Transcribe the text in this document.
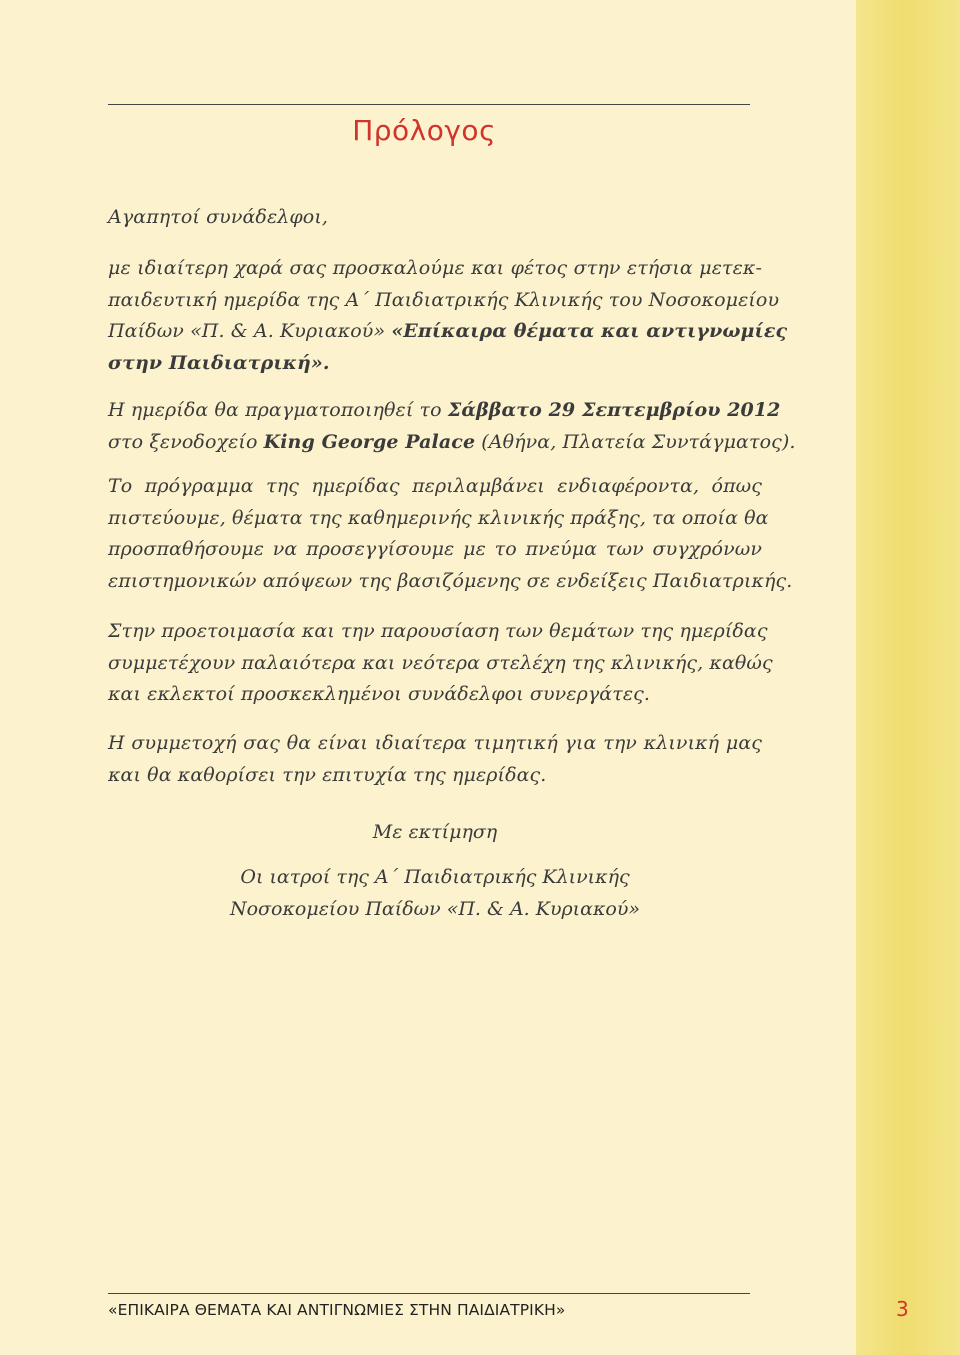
Πρόλογος
Αγαπητοί συνάδελφοι,
με ιδιαίτερη χαρά σας προσκαλούμε και φέτος στην ετήσια μετεκ-
παιδευτική ημερίδα της Α΄ Παιδιατρικής Κλινικής του Νοσοκομείου
Παίδων «Π. & Α. Κυριακού» «Επίκαιρα θέματα και αντιγνωμίες
στην Παιδιατρική».
Η ημερίδα θα πραγματοποιηθεί το Σάββατο 29 Σεπτεμβρίου 2012
στο ξενοδοχείο King George Palace (Αθήνα, Πλατεία Συντάγματος).
Το πρόγραμμα της ημερίδας περιλαμβάνει ενδιαφέροντα, όπως
πιστεύουμε, θέματα της καθημερινής κλινικής πράξης, τα οποία θα
προσπαθήσουμε να προσεγγίσουμε με το πνεύμα των συγχρόνων
επιστημονικών απόψεων της βασιζόμενης σε ενδείξεις Παιδιατρικής.
Στην προετοιμασία και την παρουσίαση των θεμάτων της ημερίδας
συμμετέχουν παλαιότερα και νεότερα στελέχη της κλινικής, καθώς
και εκλεκτοί προσκεκλημένοι συνάδελφοι συνεργάτες.
Η συμμετοχή σας θα είναι ιδιαίτερα τιμητική για την κλινική μας
και θα καθορίσει την επιτυχία της ημερίδας.
Με εκτίμηση
Οι ιατροί της Α΄ Παιδιατρικής Κλινικής
Νοσοκομείου Παίδων «Π. & Α. Κυριακού»
«ΕΠΙΚΑΙΡΑ ΘΕΜΑΤΑ ΚΑΙ ΑΝΤΙΓΝΩΜΙΕΣ ΣΤΗΝ ΠΑΙΔΙΑΤΡΙΚΗ»	3
